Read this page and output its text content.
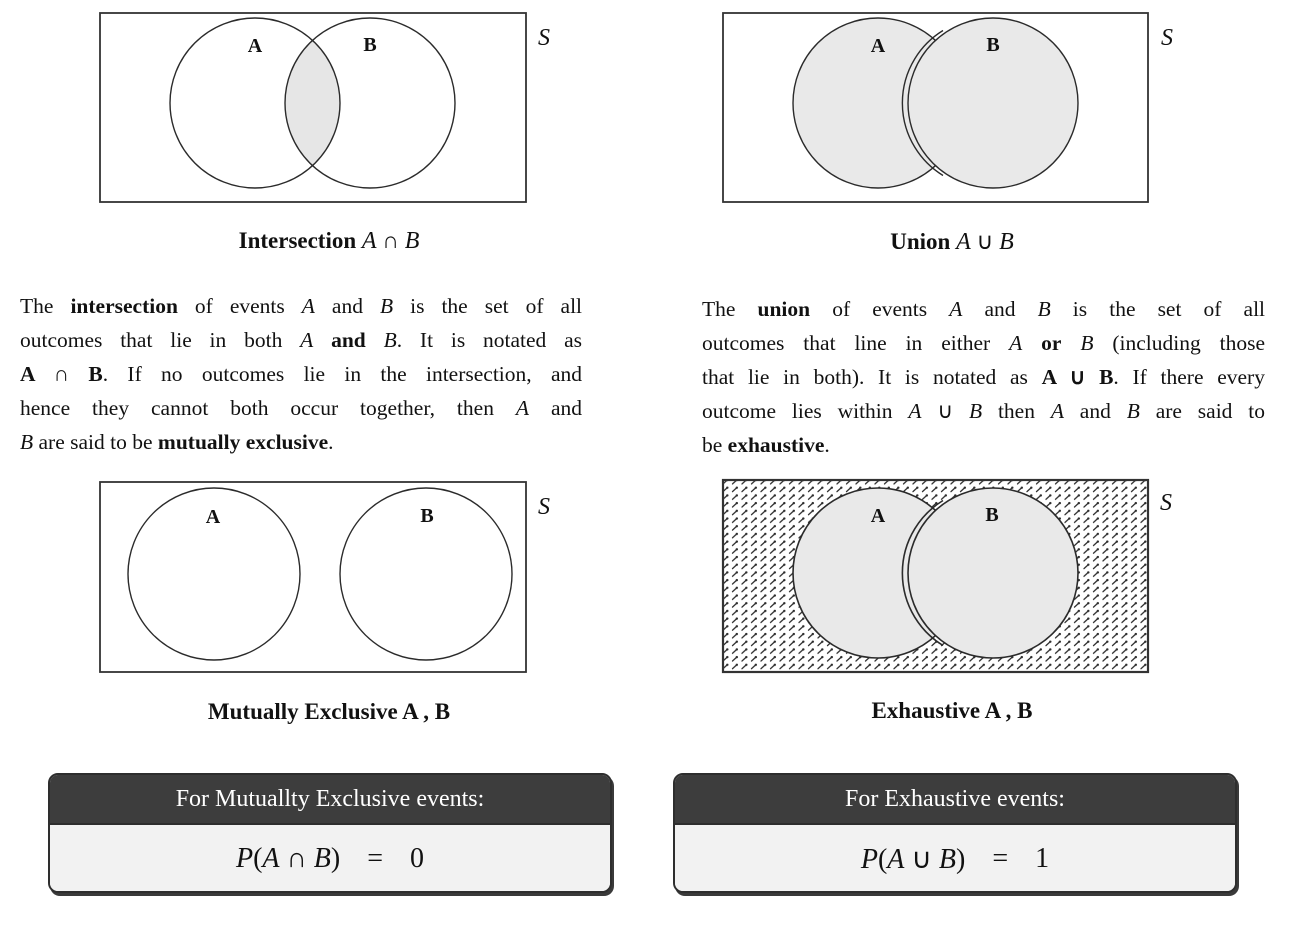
A	B	S
Intersection A ∩ B
A	B	S
Union A ∪ B
The intersection of events A and B is the set of all
outcomes that lie in both A and B. It is notated as
A ∩ B. If no outcomes lie in the intersection, and
hence they cannot both occur together, then A and
B are said to be mutually exclusive.
The union of events A and B is the set of all
outcomes that line in either A or B (including those
that lie in both). It is notated as A ∪ B. If there every
outcome lies within A ∪ B then A and B are said to
be exhaustive.
A	B	S
Mutually Exclusive A , B
A	B	S
Exhaustive A , B
For Mutuallty Exclusive events:
P(A ∩ B) = 0
For Exhaustive events:
P(A ∪ B) = 1
